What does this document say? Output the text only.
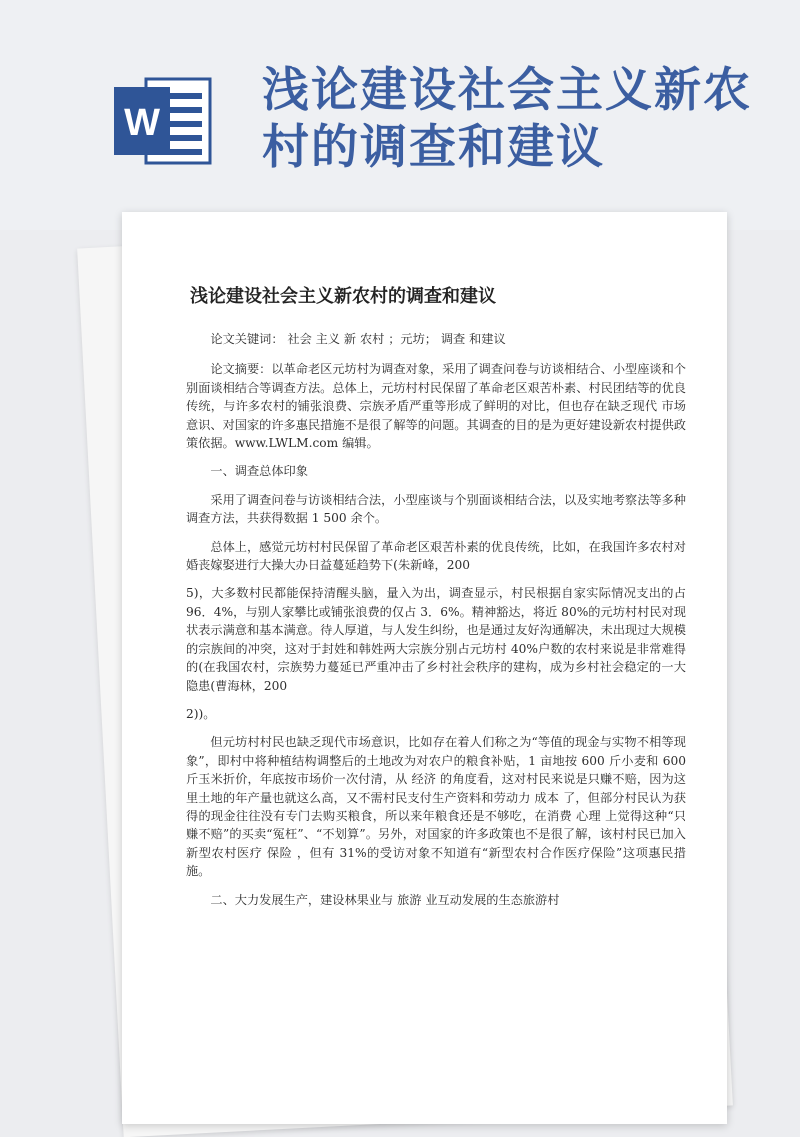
W
浅论建设社会主义新农村的调查和建议
浅论建设社会主义新农村的调查和建议

论文关键词： 社会 主义 新 农村 ；元坊； 调查 和建议

论文摘要：以革命老区元坊村为调查对象，采用了调查问卷与访谈相结合、小型座谈和个别面谈相结合等调查方法。总体上，元坊村村民保留了革命老区艰苦朴素、村民团结等的优良传统，与许多农村的铺张浪费、宗族矛盾严重等形成了鲜明的对比，但也存在缺乏现代 市场 意识、对国家的许多惠民措施不是很了解等的问题。其调查的目的是为更好建设新农村提供政策依据。www.LWLM.com 编辑。

一、调查总体印象

采用了调查问卷与访谈相结合法，小型座谈与个别面谈相结合法，以及实地考察法等多种调查方法，共获得数据 1 500 余个。

总体上，感觉元坊村村民保留了革命老区艰苦朴素的优良传统，比如，在我国许多农村对婚丧嫁娶进行大操大办日益蔓延趋势下(朱新峰，200

5)，大多数村民都能保持清醒头脑，量入为出，调查显示，村民根据自家实际情况支出的占 96．4%，与别人家攀比或铺张浪费的仅占 3．6%。精神豁达，将近 80%的元坊村村民对现状表示满意和基本满意。待人厚道，与人发生纠纷，也是通过友好沟通解决，未出现过大规模的宗族间的冲突，这对于封姓和韩姓两大宗族分别占元坊村 40%户数的农村来说是非常难得的(在我国农村，宗族势力蔓延已严重冲击了乡村社会秩序的建构，成为乡村社会稳定的一大隐患(曹海林，200

2))。

但元坊村村民也缺乏现代市场意识，比如存在着人们称之为“等值的现金与实物不相等现象”，即村中将种植结构调整后的土地改为对农户的粮食补贴，1 亩地按 600 斤小麦和 600 斤玉米折价，年底按市场价一次付清，从 经济 的角度看，这对村民来说是只赚不赔，因为这里土地的年产量也就这么高，又不需村民支付生产资料和劳动力 成本 了，但部分村民认为获得的现金往往没有专门去购买粮食，所以来年粮食还是不够吃，在消费 心理 上觉得这种“只赚不赔”的买卖“冤枉”、“不划算”。另外，对国家的许多政策也不是很了解，该村村民已加入新型农村医疗 保险 ，但有 31%的受访对象不知道有“新型农村合作医疗保险”这项惠民措施。

二、大力发展生产，建设林果业与 旅游 业互动发展的生态旅游村
